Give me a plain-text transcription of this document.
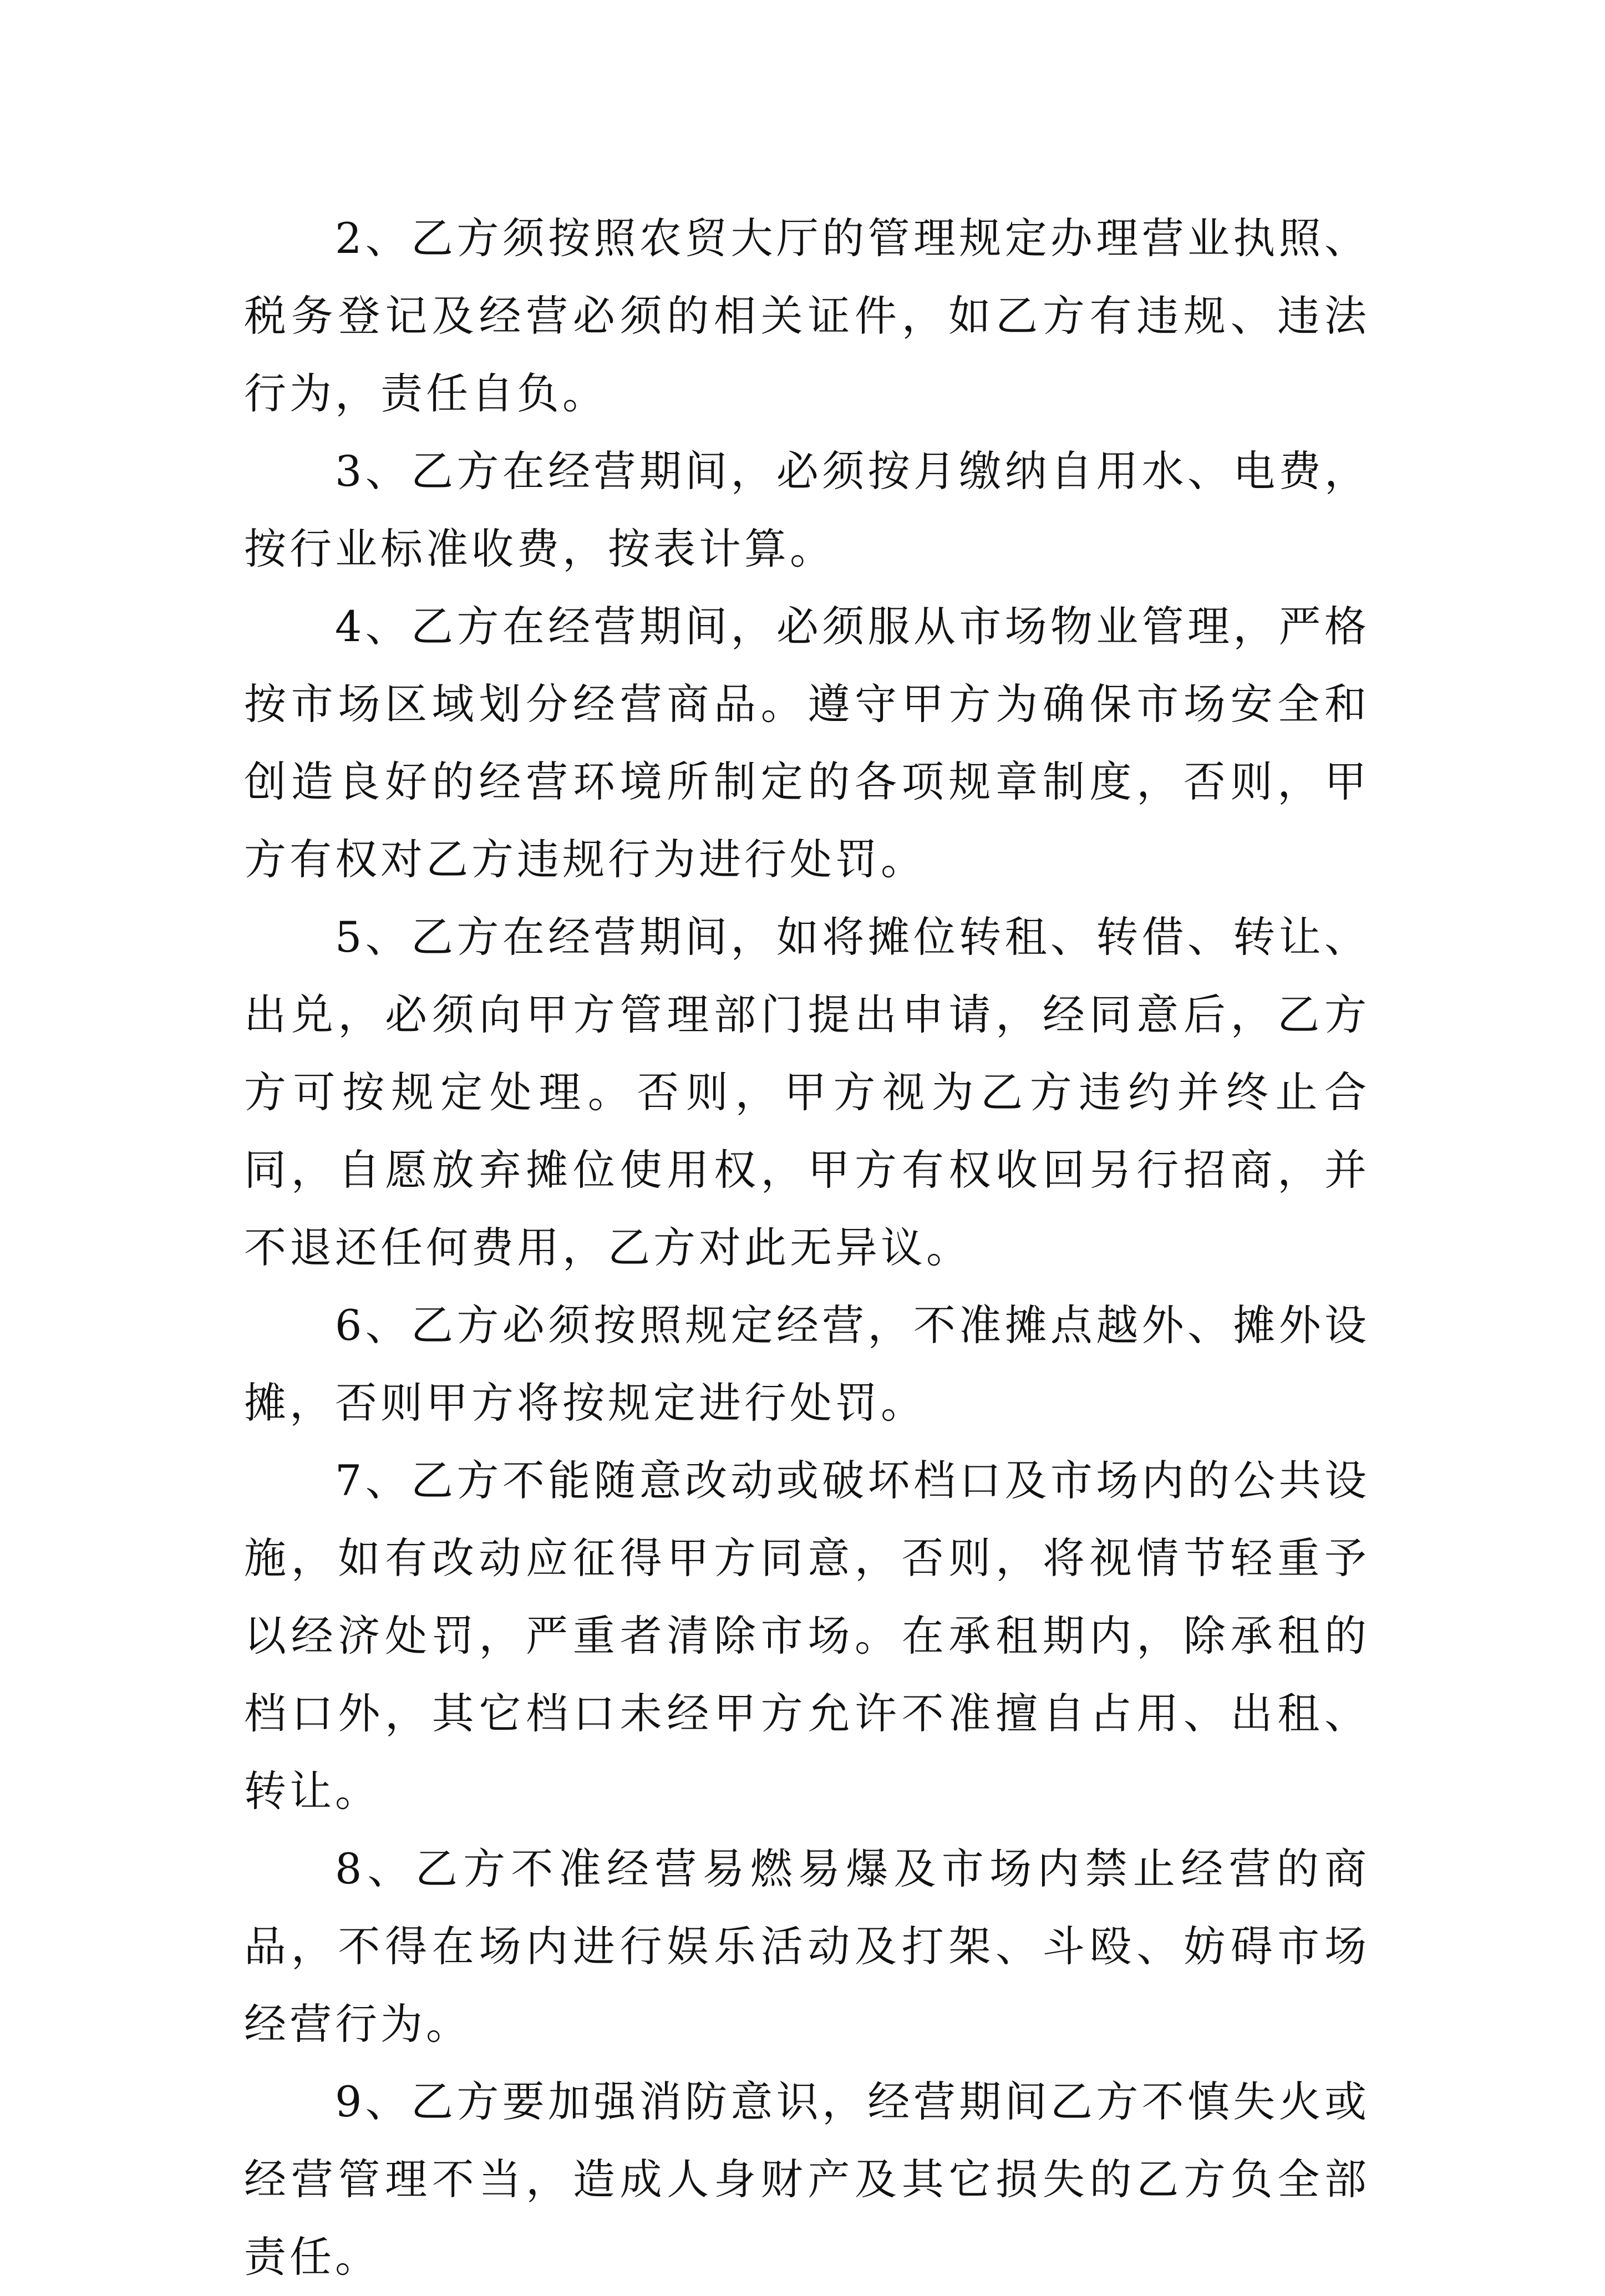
2、乙方须按照农贸大厅的管理规定办理营业执照、税务登记及经营必须的相关证件，如乙方有违规、违法行为，责任自负。

3、乙方在经营期间，必须按月缴纳自用水、电费，按行业标准收费，按表计算。

4、乙方在经营期间，必须服从市场物业管理，严格按市场区域划分经营商品。遵守甲方为确保市场安全和创造良好的经营环境所制定的各项规章制度，否则，甲方有权对乙方违规行为进行处罚。

5、乙方在经营期间，如将摊位转租、转借、转让、出兑，必须向甲方管理部门提出申请，经同意后，乙方方可按规定处理。否则，甲方视为乙方违约并终止合同，自愿放弃摊位使用权，甲方有权收回另行招商，并不退还任何费用，乙方对此无异议。

6、乙方必须按照规定经营，不准摊点越外、摊外设摊，否则甲方将按规定进行处罚。

7、乙方不能随意改动或破坏档口及市场内的公共设施，如有改动应征得甲方同意，否则，将视情节轻重予以经济处罚，严重者清除市场。在承租期内，除承租的档口外，其它档口未经甲方允许不准擅自占用、出租、转让。

8、乙方不准经营易燃易爆及市场内禁止经营的商品，不得在场内进行娱乐活动及打架、斗殴、妨碍市场经营行为。

9、乙方要加强消防意识，经营期间乙方不慎失火或经营管理不当，造成人身财产及其它损失的乙方负全部责任。
